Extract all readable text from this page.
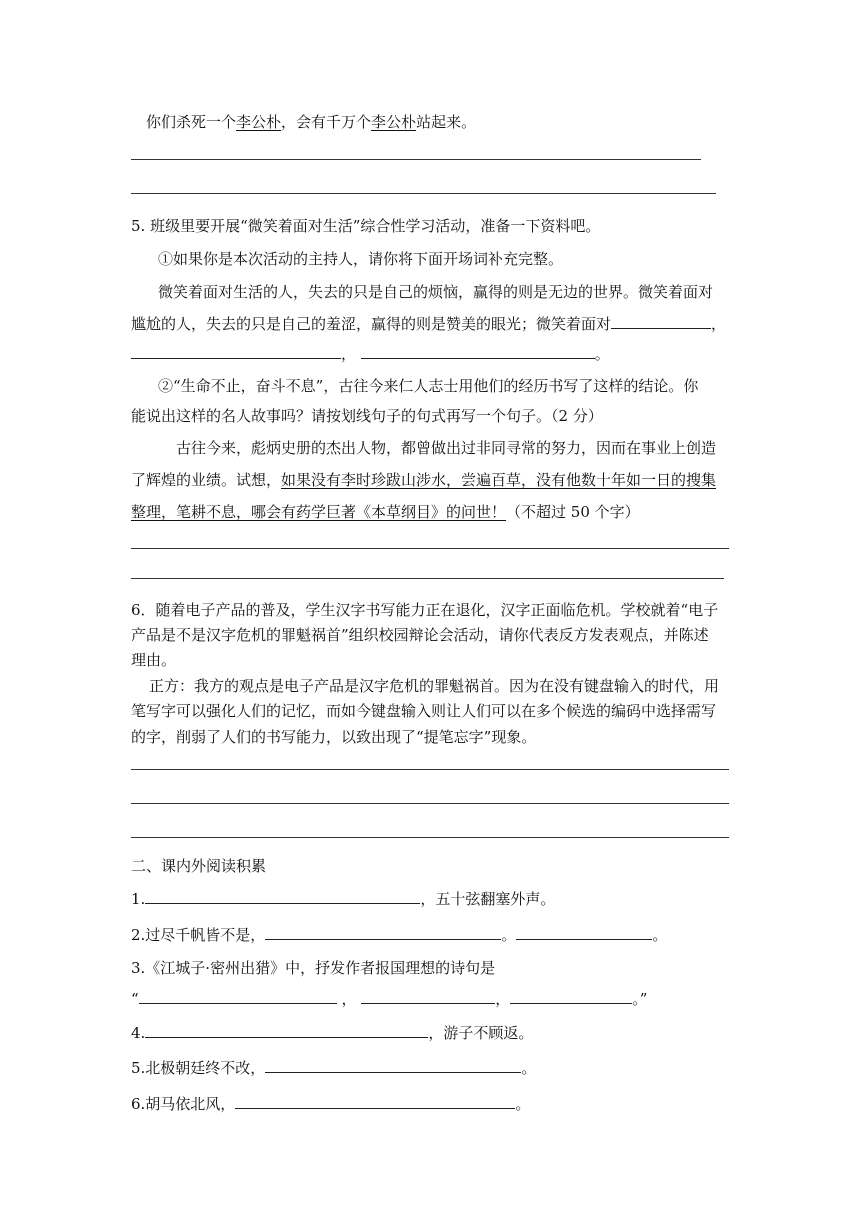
你们杀死一个李公朴，会有千万个李公朴站起来。
5. 班级里要开展“微笑着面对生活”综合性学习活动，准备一下资料吧。
①如果你是本次活动的主持人，请你将下面开场词补充完整。
微笑着面对生活的人，失去的只是自己的烦恼，赢得的则是无边的世界。微笑着面对
尴尬的人，失去的只是自己的羞涩，赢得的则是赞美的眼光；微笑着面对	，
，	。
②“生命不止，奋斗不息”，古往今来仁人志士用他们的经历书写了这样的结论。你
能说出这样的名人故事吗？请按划线句子的句式再写一个句子。（2 分）
古往今来，彪炳史册的杰出人物，都曾做出过非同寻常的努力，因而在事业上创造
了辉煌的业绩。试想，如果没有李时珍跋山涉水，尝遍百草，没有他数十年如一日的搜集
整理，笔耕不息，哪会有药学巨著《本草纲目》的问世！（不超过 50 个字）
6．随着电子产品的普及，学生汉字书写能力正在退化，汉字正面临危机。学校就着“电子
产品是不是汉字危机的罪魁祸首”组织校园辩论会活动，请你代表反方发表观点，并陈述
理由。
正方：我方的观点是电子产品是汉字危机的罪魁祸首。因为在没有键盘输入的时代，用
笔写字可以强化人们的记忆，而如今键盘输入则让人们可以在多个候选的编码中选择需写
的字，削弱了人们的书写能力，以致出现了“提笔忘字”现象。
二、课内外阅读积累
1.	，五十弦翻塞外声。
2.过尽千帆皆不是，	。	。
3.《江城子·密州出猎》中，抒发作者报国理想的诗句是
“	，	，	。”
4.	，游子不顾返。
5.北极朝廷终不改，	。
6.胡马依北风，	。
